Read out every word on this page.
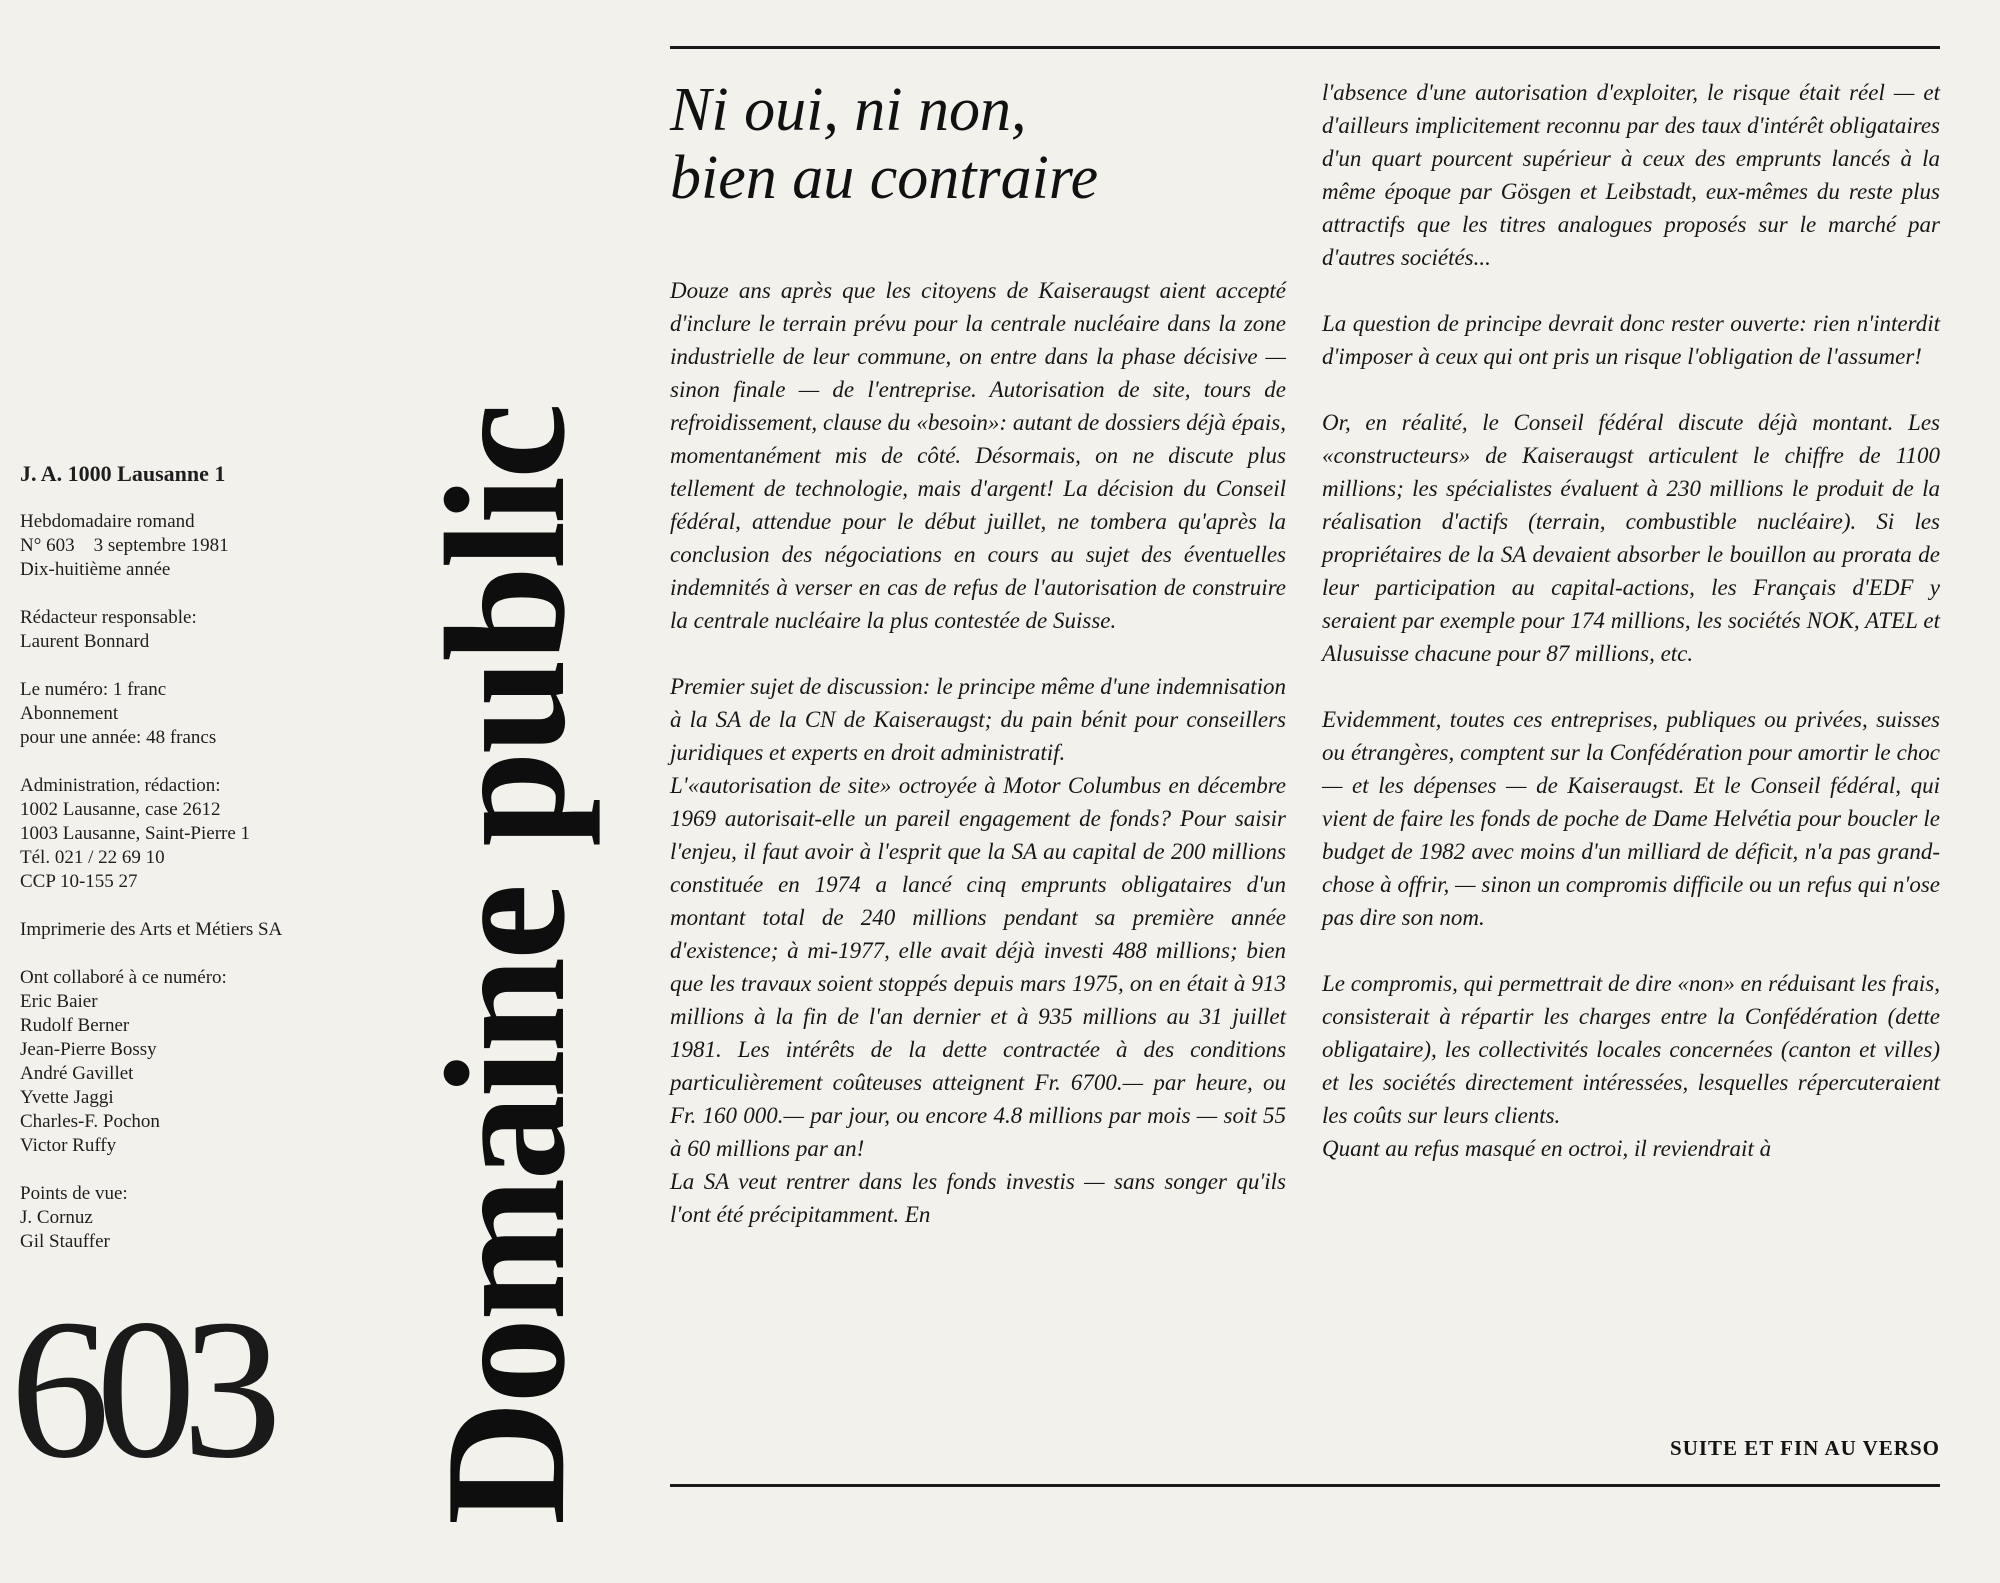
J. A. 1000 Lausanne 1
Hebdomadaire romand
N° 603    3 septembre 1981
Dix-huitième année
Rédacteur responsable:
Laurent Bonnard
Le numéro: 1 franc
Abonnement
pour une année: 48 francs
Administration, rédaction:
1002 Lausanne, case 2612
1003 Lausanne, Saint-Pierre 1
Tél. 021 / 22 69 10
CCP 10-155 27
Imprimerie des Arts et Métiers SA
Ont collaboré à ce numéro:
Eric Baier
Rudolf Berner
Jean-Pierre Bossy
André Gavillet
Yvette Jaggi
Charles-F. Pochon
Victor Ruffy
Points de vue:
J. Cornuz
Gil Stauffer
603 Domaine public
Ni oui, ni non,
bien au contraire

Douze ans après que les citoyens de Kaiseraugst aient accepté d'inclure le terrain prévu pour la centrale nucléaire dans la zone industrielle de leur commune, on entre dans la phase décisive — sinon finale — de l'entreprise. Autorisation de site, tours de refroidissement, clause du «besoin»: autant de dossiers déjà épais, momentanément mis de côté. Désormais, on ne discute plus tellement de technologie, mais d'argent! La décision du Conseil fédéral, attendue pour le début juillet, ne tombera qu'après la conclusion des négociations en cours au sujet des éventuelles indemnités à verser en cas de refus de l'autorisation de construire la centrale nucléaire la plus contestée de Suisse.

Premier sujet de discussion: le principe même d'une indemnisation à la SA de la CN de Kaiseraugst; du pain bénit pour conseillers juridiques et experts en droit administratif.

L'«autorisation de site» octroyée à Motor Columbus en décembre 1969 autorisait-elle un pareil engagement de fonds? Pour saisir l'enjeu, il faut avoir à l'esprit que la SA au capital de 200 millions constituée en 1974 a lancé cinq emprunts obligataires d'un montant total de 240 millions pendant sa première année d'existence; à mi-1977, elle avait déjà investi 488 millions; bien que les travaux soient stoppés depuis mars 1975, on en était à 913 millions à la fin de l'an dernier et à 935 millions au 31 juillet 1981. Les intérêts de la dette contractée à des conditions particulièrement coûteuses atteignent Fr. 6700.— par heure, ou Fr. 160 000.— par jour, ou encore 4.8 millions par mois — soit 55 à 60 millions par an!

La SA veut rentrer dans les fonds investis — sans songer qu'ils l'ont été précipitamment. En

l'absence d'une autorisation d'exploiter, le risque était réel — et d'ailleurs implicitement reconnu par des taux d'intérêt obligataires d'un quart pourcent supérieur à ceux des emprunts lancés à la même époque par Gösgen et Leibstadt, eux-mêmes du reste plus attractifs que les titres analogues proposés sur le marché par d'autres sociétés...

La question de principe devrait donc rester ouverte: rien n'interdit d'imposer à ceux qui ont pris un risque l'obligation de l'assumer!

Or, en réalité, le Conseil fédéral discute déjà montant. Les «constructeurs» de Kaiseraugst articulent le chiffre de 1100 millions; les spécialistes évaluent à 230 millions le produit de la réalisation d'actifs (terrain, combustible nucléaire). Si les propriétaires de la SA devaient absorber le bouillon au prorata de leur participation au capital-actions, les Français d'EDF y seraient par exemple pour 174 millions, les sociétés NOK, ATEL et Alusuisse chacune pour 87 millions, etc.

Evidemment, toutes ces entreprises, publiques ou privées, suisses ou étrangères, comptent sur la Confédération pour amortir le choc — et les dépenses — de Kaiseraugst. Et le Conseil fédéral, qui vient de faire les fonds de poche de Dame Helvétia pour boucler le budget de 1982 avec moins d'un milliard de déficit, n'a pas grand-chose à offrir, — sinon un compromis difficile ou un refus qui n'ose pas dire son nom.

Le compromis, qui permettrait de dire «non» en réduisant les frais, consisterait à répartir les charges entre la Confédération (dette obligataire), les collectivités locales concernées (canton et villes) et les sociétés directement intéressées, lesquelles répercuteraient les coûts sur leurs clients.

Quant au refus masqué en octroi, il reviendrait à

SUITE ET FIN AU VERSO
